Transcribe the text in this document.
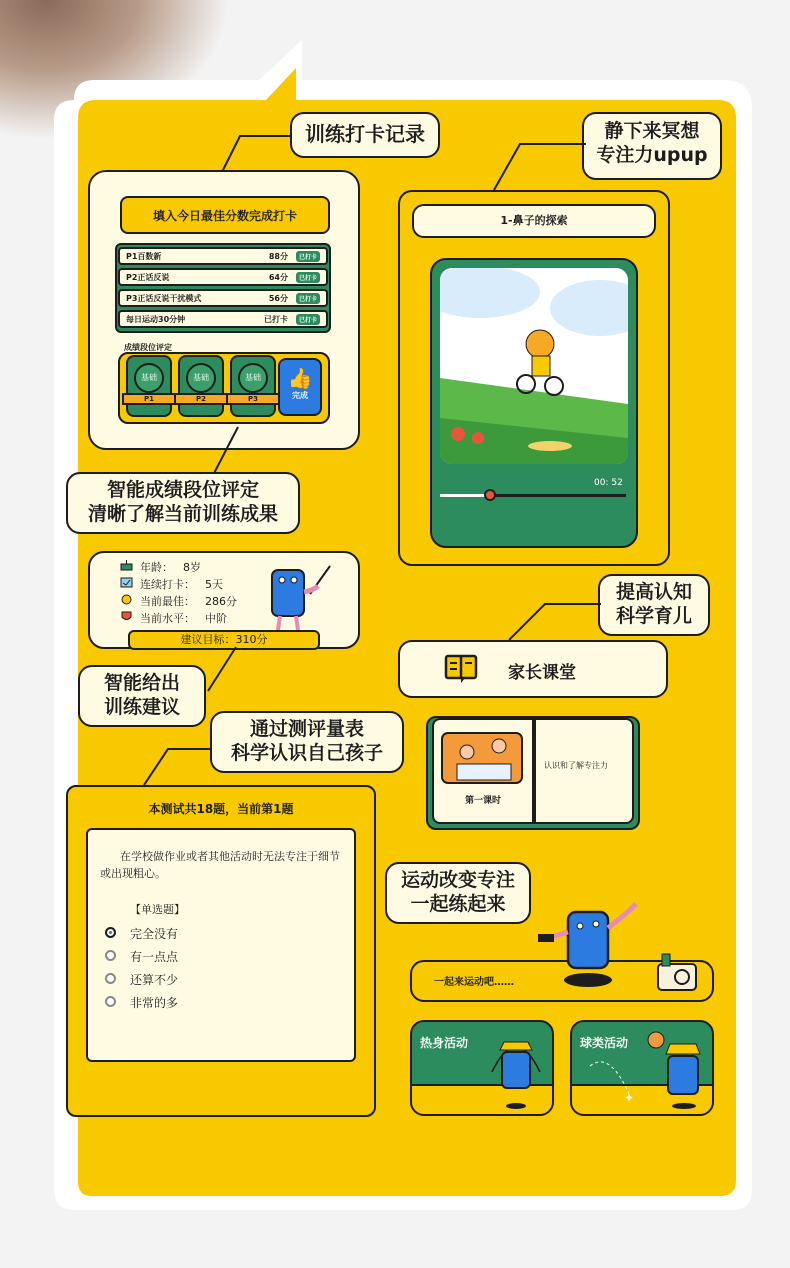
训练打卡记录
填入今日最佳分数完成打卡
P1百数新	88分	已打卡
P2正话反说	64分	已打卡
P3正话反说干扰模式	56分	已打卡
每日运动30分钟	已打卡	已打卡
成绩段位评定
基础
P1
基础
P2
基础
P3
👍
完成
智能成绩段位评定
清晰了解当前训练成果
年龄： 8岁
连续打卡： 5天
当前最佳： 286分
当前水平： 中阶
建议目标：310分
智能给出
训练建议
通过测评量表
科学认识自己孩子
本测试共18题，当前第1题
在学校做作业或者其他活动时无法专注于细节或出现粗心。
【单选题】
完全没有
有一点点
还算不少
非常的多
静下来冥想
专注力upup
1-鼻子的探索
00: 52
|◀ ❚❚ ▶|
提高认知
科学育儿
家长课堂
第一课时
认识和了解专注力
运动改变专注
一起练起来
一起来运动吧……
热身活动	球类活动
✦
